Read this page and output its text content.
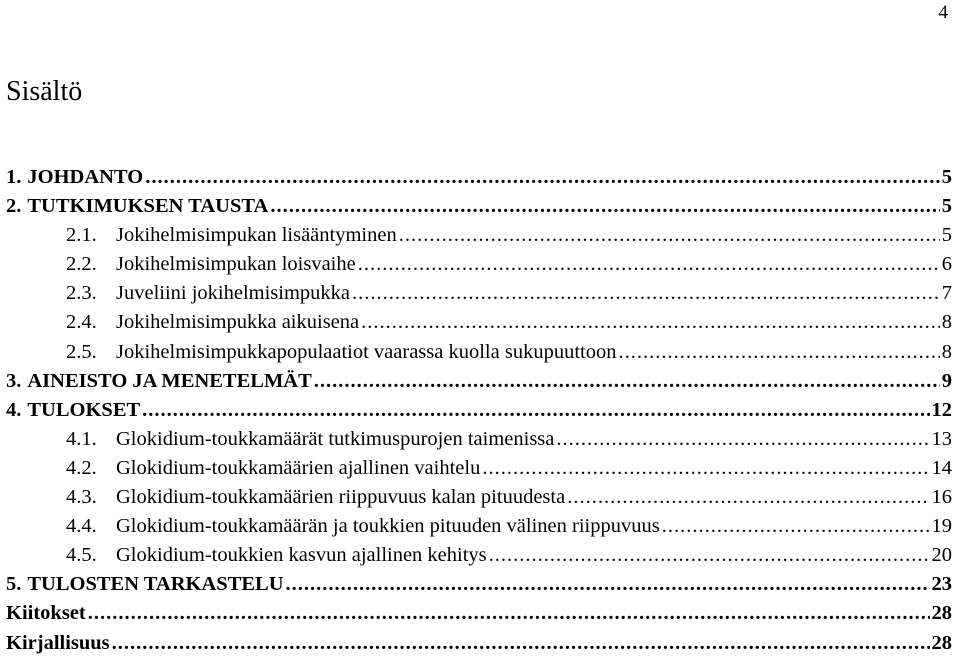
4
Sisältö
1. JOHDANTO .....	5
2. TUTKIMUKSEN TAUSTA .....	5
2.1. Jokihelmisimpukan lisääntyminen .....	5
2.2. Jokihelmisimpukan loisvaihe .....	6
2.3. Juveliini jokihelmisimpukka .....	7
2.4. Jokihelmisimpukka aikuisena .....	8
2.5. Jokihelmisimpukkapopulaatiot vaarassa kuolla sukupuuttoon .....	8
3. AINEISTO JA MENETELMÄT .....	9
4. TULOKSET .....	12
4.1. Glokidium-toukkamäärät tutkimuspurojen taimenissa .....	13
4.2. Glokidium-toukkamäärien ajallinen vaihtelu .....	14
4.3. Glokidium-toukkamäärien riippuvuus kalan pituudesta .....	16
4.4. Glokidium-toukkamäärän ja toukkien pituuden välinen riippuvuus .....	19
4.5. Glokidium-toukkien kasvun ajallinen kehitys .....	20
5. TULOSTEN TARKASTELU .....	23
Kiitokset .....	28
Kirjallisuus .....	28
